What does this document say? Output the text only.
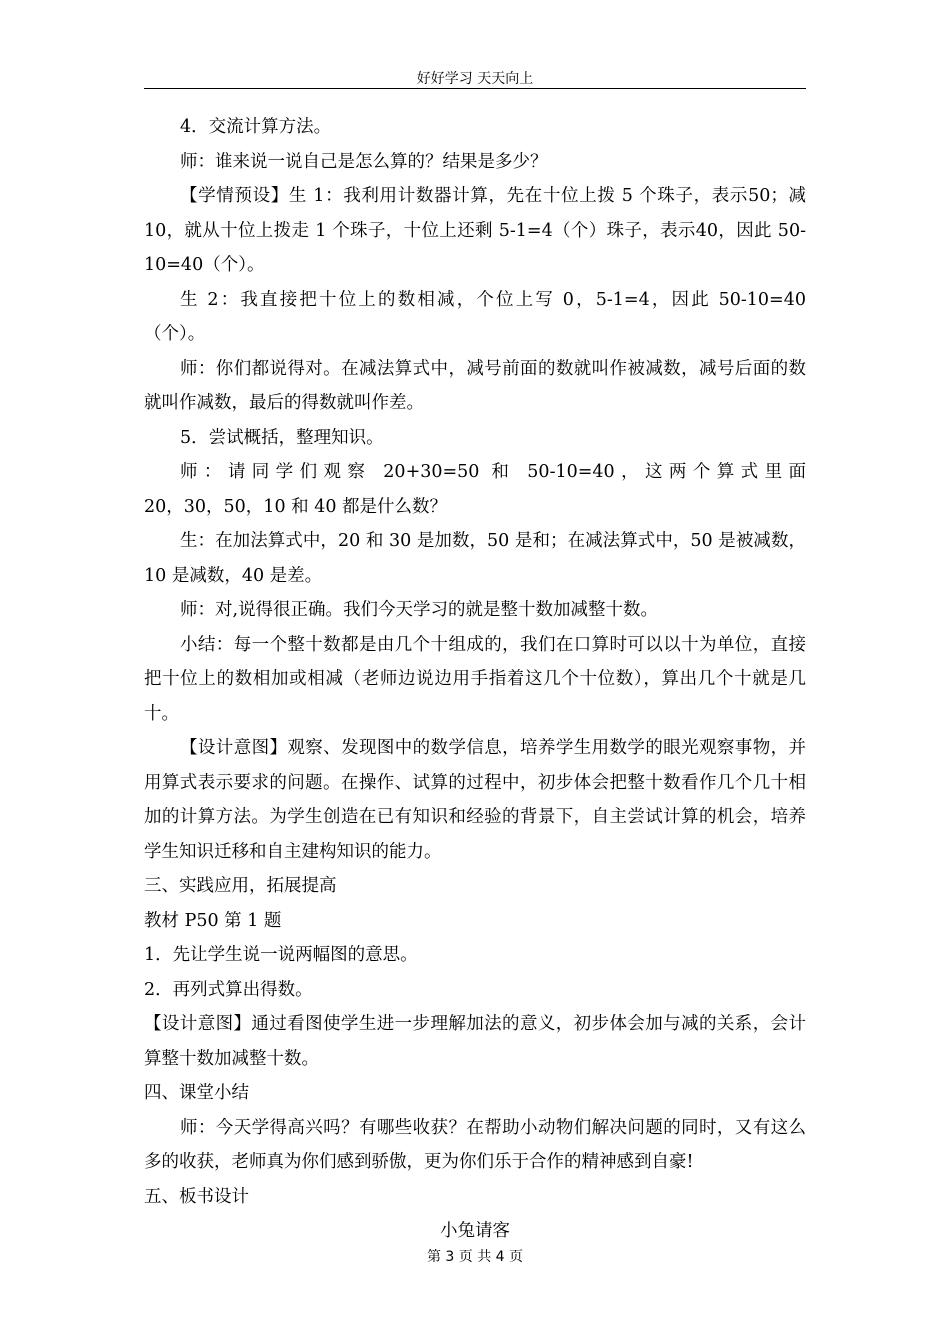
好好学习 天天向上

4．交流计算方法。

师：谁来说一说自己是怎么算的？结果是多少？

【学情预设】生 1：我利用计数器计算，先在十位上拨 5 个珠子，表示50；减 10，就从十位上拨走 1 个珠子，十位上还剩 5-1=4（个）珠子，表示40，因此 50-10=40（个）。

生 2：我直接把十位上的数相减，个位上写 0，5-1=4，因此 50-10=40（个）。

师：你们都说得对。在减法算式中，减号前面的数就叫作被减数，减号后面的数就叫作减数，最后的得数就叫作差。

5．尝试概括，整理知识。

师：请同学们观察 20+30=50 和 50-10=40，这两个算式里面

20，30，50，10 和 40 都是什么数？

生：在加法算式中，20 和 30 是加数，50 是和；在减法算式中，50 是被减数，10 是减数，40 是差。

师：对,说得很正确。我们今天学习的就是整十数加减整十数。

小结：每一个整十数都是由几个十组成的，我们在口算时可以以十为单位，直接把十位上的数相加或相减（老师边说边用手指着这几个十位数），算出几个十就是几十。

【设计意图】观察、发现图中的数学信息，培养学生用数学的眼光观察事物，并用算式表示要求的问题。在操作、试算的过程中，初步体会把整十数看作几个几十相加的计算方法。为学生创造在已有知识和经验的背景下，自主尝试计算的机会，培养学生知识迁移和自主建构知识的能力。

三、实践应用，拓展提高

教材 P50 第 1 题

1．先让学生说一说两幅图的意思。

2．再列式算出得数。

【设计意图】通过看图使学生进一步理解加法的意义，初步体会加与减的关系，会计算整十数加减整十数。

四、课堂小结

师：今天学得高兴吗？有哪些收获？在帮助小动物们解决问题的同时，又有这么多的收获，老师真为你们感到骄傲，更为你们乐于合作的精神感到自豪!

五、板书设计

小兔请客

第 3 页 共 4 页
